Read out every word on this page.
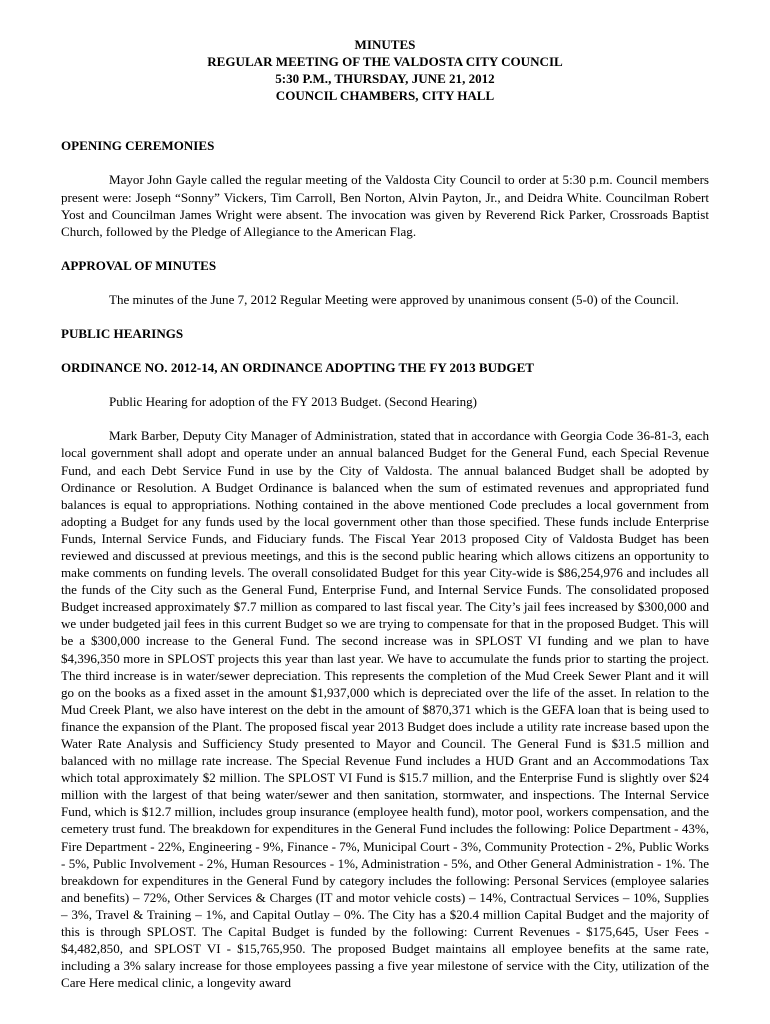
MINUTES
REGULAR MEETING OF THE VALDOSTA CITY COUNCIL
5:30 P.M., THURSDAY, JUNE 21, 2012
COUNCIL CHAMBERS, CITY HALL
OPENING CEREMONIES

Mayor John Gayle called the regular meeting of the Valdosta City Council to order at 5:30 p.m. Council members present were: Joseph “Sonny” Vickers, Tim Carroll, Ben Norton, Alvin Payton, Jr., and Deidra White. Councilman Robert Yost and Councilman James Wright were absent. The invocation was given by Reverend Rick Parker, Crossroads Baptist Church, followed by the Pledge of Allegiance to the American Flag.

APPROVAL OF MINUTES

The minutes of the June 7, 2012 Regular Meeting were approved by unanimous consent (5-0) of the Council.

PUBLIC HEARINGS
ORDINANCE NO. 2012-14, AN ORDINANCE ADOPTING THE FY 2013 BUDGET

Public Hearing for adoption of the FY 2013 Budget. (Second Hearing)

Mark Barber, Deputy City Manager of Administration, stated that in accordance with Georgia Code 36-81-3, each local government shall adopt and operate under an annual balanced Budget for the General Fund, each Special Revenue Fund, and each Debt Service Fund in use by the City of Valdosta. The annual balanced Budget shall be adopted by Ordinance or Resolution. A Budget Ordinance is balanced when the sum of estimated revenues and appropriated fund balances is equal to appropriations. Nothing contained in the above mentioned Code precludes a local government from adopting a Budget for any funds used by the local government other than those specified. These funds include Enterprise Funds, Internal Service Funds, and Fiduciary funds. The Fiscal Year 2013 proposed City of Valdosta Budget has been reviewed and discussed at previous meetings, and this is the second public hearing which allows citizens an opportunity to make comments on funding levels. The overall consolidated Budget for this year City-wide is $86,254,976 and includes all the funds of the City such as the General Fund, Enterprise Fund, and Internal Service Funds. The consolidated proposed Budget increased approximately $7.7 million as compared to last fiscal year. The City’s jail fees increased by $300,000 and we under budgeted jail fees in this current Budget so we are trying to compensate for that in the proposed Budget. This will be a $300,000 increase to the General Fund. The second increase was in SPLOST VI funding and we plan to have $4,396,350 more in SPLOST projects this year than last year. We have to accumulate the funds prior to starting the project. The third increase is in water/sewer depreciation. This represents the completion of the Mud Creek Sewer Plant and it will go on the books as a fixed asset in the amount $1,937,000 which is depreciated over the life of the asset. In relation to the Mud Creek Plant, we also have interest on the debt in the amount of $870,371 which is the GEFA loan that is being used to finance the expansion of the Plant. The proposed fiscal year 2013 Budget does include a utility rate increase based upon the Water Rate Analysis and Sufficiency Study presented to Mayor and Council. The General Fund is $31.5 million and balanced with no millage rate increase. The Special Revenue Fund includes a HUD Grant and an Accommodations Tax which total approximately $2 million. The SPLOST VI Fund is $15.7 million, and the Enterprise Fund is slightly over $24 million with the largest of that being water/sewer and then sanitation, stormwater, and inspections. The Internal Service Fund, which is $12.7 million, includes group insurance (employee health fund), motor pool, workers compensation, and the cemetery trust fund. The breakdown for expenditures in the General Fund includes the following: Police Department - 43%, Fire Department - 22%, Engineering - 9%, Finance - 7%, Municipal Court - 3%, Community Protection - 2%, Public Works - 5%, Public Involvement - 2%, Human Resources - 1%, Administration - 5%, and Other General Administration - 1%. The breakdown for expenditures in the General Fund by category includes the following: Personal Services (employee salaries and benefits) – 72%, Other Services & Charges (IT and motor vehicle costs) – 14%, Contractual Services – 10%, Supplies – 3%, Travel & Training – 1%, and Capital Outlay – 0%. The City has a $20.4 million Capital Budget and the majority of this is through SPLOST. The Capital Budget is funded by the following: Current Revenues - $175,645, User Fees - $4,482,850, and SPLOST VI - $15,765,950. The proposed Budget maintains all employee benefits at the same rate, including a 3% salary increase for those employees passing a five year milestone of service with the City, utilization of the Care Here medical clinic, a longevity award
